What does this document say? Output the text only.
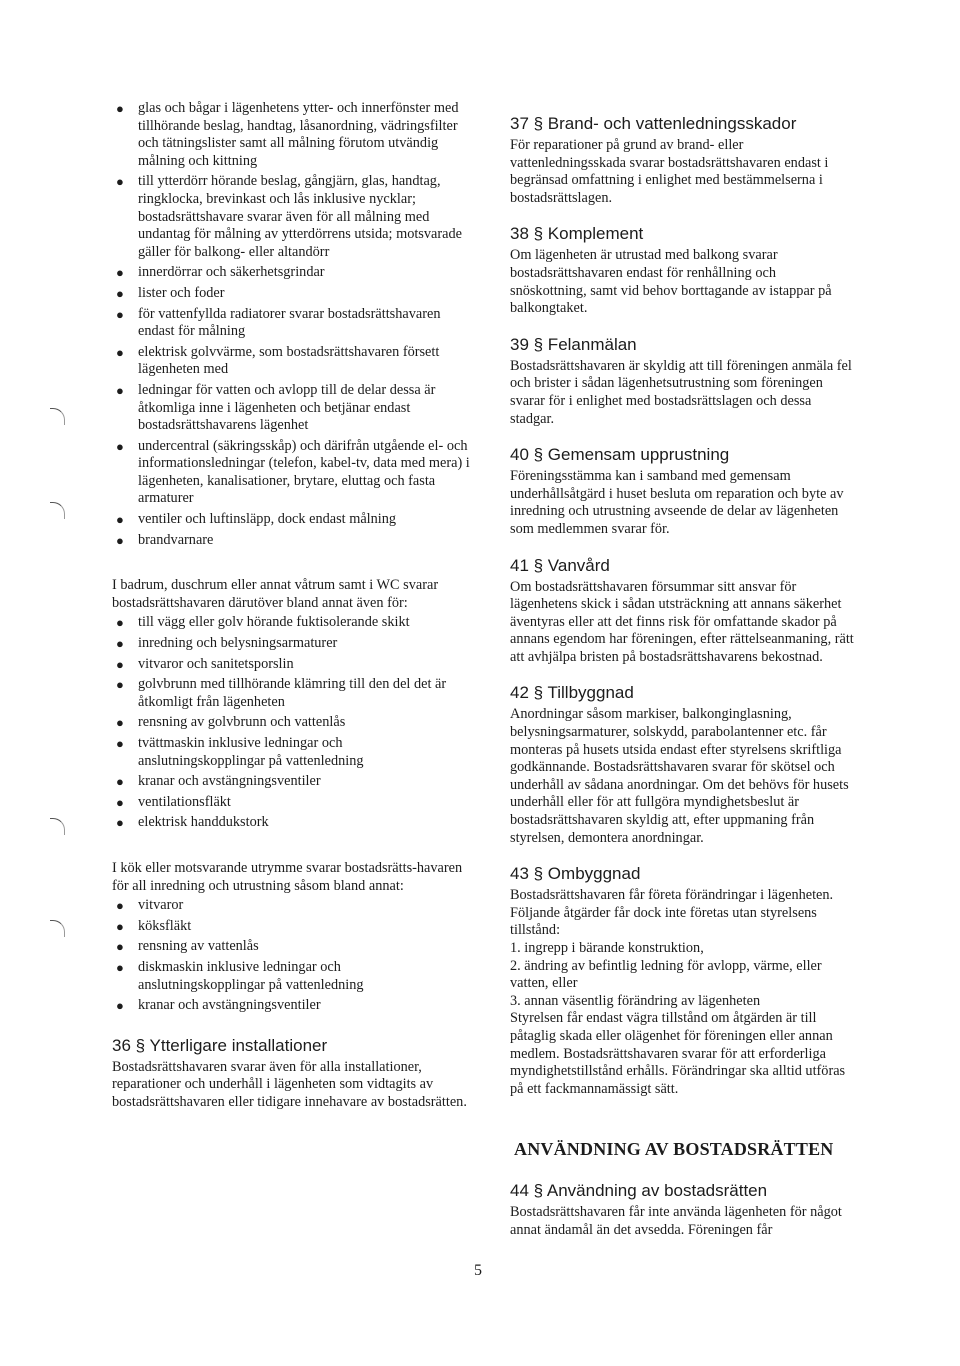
● glas och bågar i lägenhetens ytter- och innerfönster med tillhörande beslag, handtag, låsanordning, vädringsfilter och tätningslister samt all målning förutom utvändig målning och kittning
● till ytterdörr hörande beslag, gångjärn, glas, handtag, ringklocka, brevinkast och lås inklusive nycklar; bostadsrättshavare svarar även för all målning med undantag för målning av ytterdörrens utsida; motsvarade gäller för balkong- eller altandörr
● innerdörrar och säkerhetsgrindar
● lister och foder
● för vattenfyllda radiatorer svarar bostadsrättshavaren endast för målning
● elektrisk golvvärme, som bostadsrättshavaren försett lägenheten med
● ledningar för vatten och avlopp till de delar dessa är åtkomliga inne i lägenheten och betjänar endast bostadsrättshavarens lägenhet
● undercentral (säkringsskåp) och därifrån utgående el- och informationsledningar (telefon, kabel-tv, data med mera) i lägenheten, kanalisationer, brytare, eluttag och fasta armaturer
● ventiler och luftinsläpp, dock endast målning
● brandvarnare

I badrum, duschrum eller annat våtrum samt i WC svarar bostadsrättshavaren därutöver bland annat även för:

● till vägg eller golv hörande fuktisolerande skikt
● inredning och belysningsarmaturer
● vitvaror och sanitetsporslin
● golvbrunn med tillhörande klämring till den del det är åtkomligt från lägenheten
● rensning av golvbrunn och vattenlås
● tvättmaskin inklusive ledningar och anslutningskopplingar på vattenledning
● kranar och avstängningsventiler
● ventilationsfläkt
● elektrisk handdukstork

I kök eller motsvarande utrymme svarar bostadsrätts-havaren för all inredning och utrustning såsom bland annat:

● vitvaror
● köksfläkt
● rensning av vattenlås
● diskmaskin inklusive ledningar och anslutningskopplingar på vattenledning
● kranar och avstängningsventiler
36 § Ytterligare installationer

Bostadsrättshavaren svarar även för alla installationer, reparationer och underhåll i lägenheten som vidtagits av bostadsrättshavaren eller tidigare innehavare av bostadsrätten.

37 § Brand- och vattenledningsskador

För reparationer på grund av brand- eller vattenledningsskada svarar bostadsrättshavaren endast i begränsad omfattning i enlighet med bestämmelserna i bostadsrättslagen.

38 § Komplement

Om lägenheten är utrustad med balkong svarar bostadsrättshavaren endast för renhållning och snöskottning, samt vid behov borttagande av istappar på balkongtaket.

39 § Felanmälan

Bostadsrättshavaren är skyldig att till föreningen anmäla fel och brister i sådan lägenhetsutrustning som föreningen svarar för i enlighet med bostadsrättslagen och dessa stadgar.

40 § Gemensam upprustning

Föreningsstämma kan i samband med gemensam underhållsåtgärd i huset besluta om reparation och byte av inredning och utrustning avseende de delar av lägenheten som medlemmen svarar för.

41 § Vanvård

Om bostadsrättshavaren försummar sitt ansvar för lägenhetens skick i sådan utsträckning att annans säkerhet äventyras eller att det finns risk för omfattande skador på annans egendom har föreningen, efter rättelseanmaning, rätt att avhjälpa bristen på bostadsrättshavarens bekostnad.

42 § Tillbyggnad

Anordningar såsom markiser, balkonginglasning, belysningsarmaturer, solskydd, parabolantenner etc. får monteras på husets utsida endast efter styrelsens skriftliga godkännande. Bostadsrättshavaren svarar för skötsel och underhåll av sådana anordningar. Om det behövs för husets underhåll eller för att fullgöra myndighetsbeslut är bostadsrättshavaren skyldig att, efter uppmaning från styrelsen, demontera anordningar.

43 § Ombyggnad

Bostadsrättshavaren får företa förändringar i lägenheten. Följande åtgärder får dock inte företas utan styrelsens tillstånd:

1. ingrepp i bärande konstruktion,

2. ändring av befintlig ledning för avlopp, värme, eller vatten, eller

3. annan väsentlig förändring av lägenheten

Styrelsen får endast vägra tillstånd om åtgärden är till påtaglig skada eller olägenhet för föreningen eller annan medlem. Bostadsrättshavaren svarar för att erforderliga myndighetstillstånd erhålls. Förändringar ska alltid utföras på ett fackmannamässigt sätt.

ANVÄNDNING AV BOSTADSRÄTTEN
44 § Användning av bostadsrätten

Bostadsrättshavaren får inte använda lägenheten för något annat ändamål än det avsedda. Föreningen får

5
